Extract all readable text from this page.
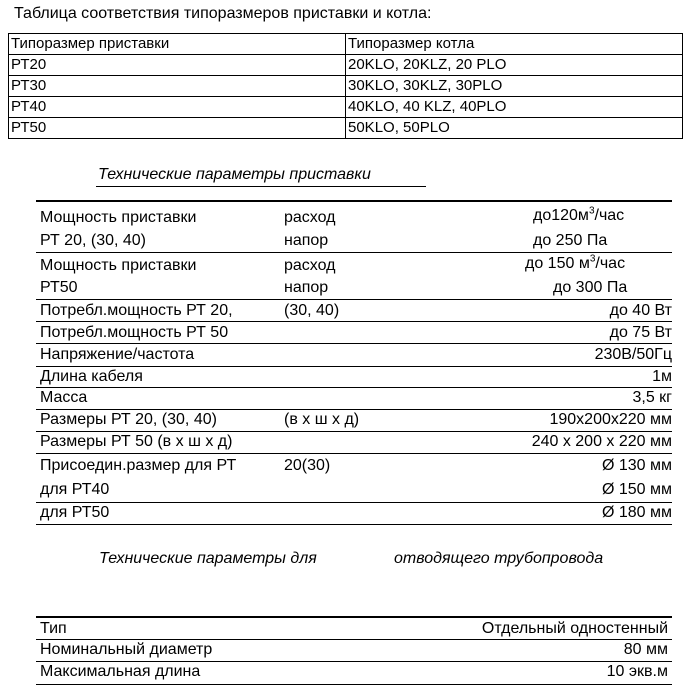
Таблица соответствия типоразмеров приставки и котла:
Типоразмер приставки	Типоразмер котла
РТ20	20KLO, 20KLZ, 20 PLO
РТ30	30KLO, 30KLZ, 30PLO
РТ40	40KLO, 40 KLZ, 40PLO
РТ50	50KLO, 50PLO
Технические параметры приставки
Мощность приставки	расход	$до120м^3$/час
РТ 20, (30, 40)	напор	до 250 Па
Мощность приставки	расход	до 150 $м^3$/час
РТ50	напор	до 300 Па
Потребл.мощность РТ 20,	(30, 40)	до 40 Вт
Потребл.мощность РТ 50	до 75 Вт
Напряжение/частота	230В/50Гц
Длина кабеля	1м
Масса	3,5 кг
Размеры РТ 20, (30, 40)	(в х ш х д)	190х200х220 мм
Размеры РТ 50 (в х ш х д)	240 х 200 х 220 мм
Присоедин.размер для РТ	20(30)	Ø 130 мм
для РТ40	Ø 150 мм
для РТ50	Ø 180 мм
Технические параметры для	отводящего трубопровода
Тип	Отдельный одностенный
Номинальный диаметр	80 мм
Максимальная длина	10 экв.м
